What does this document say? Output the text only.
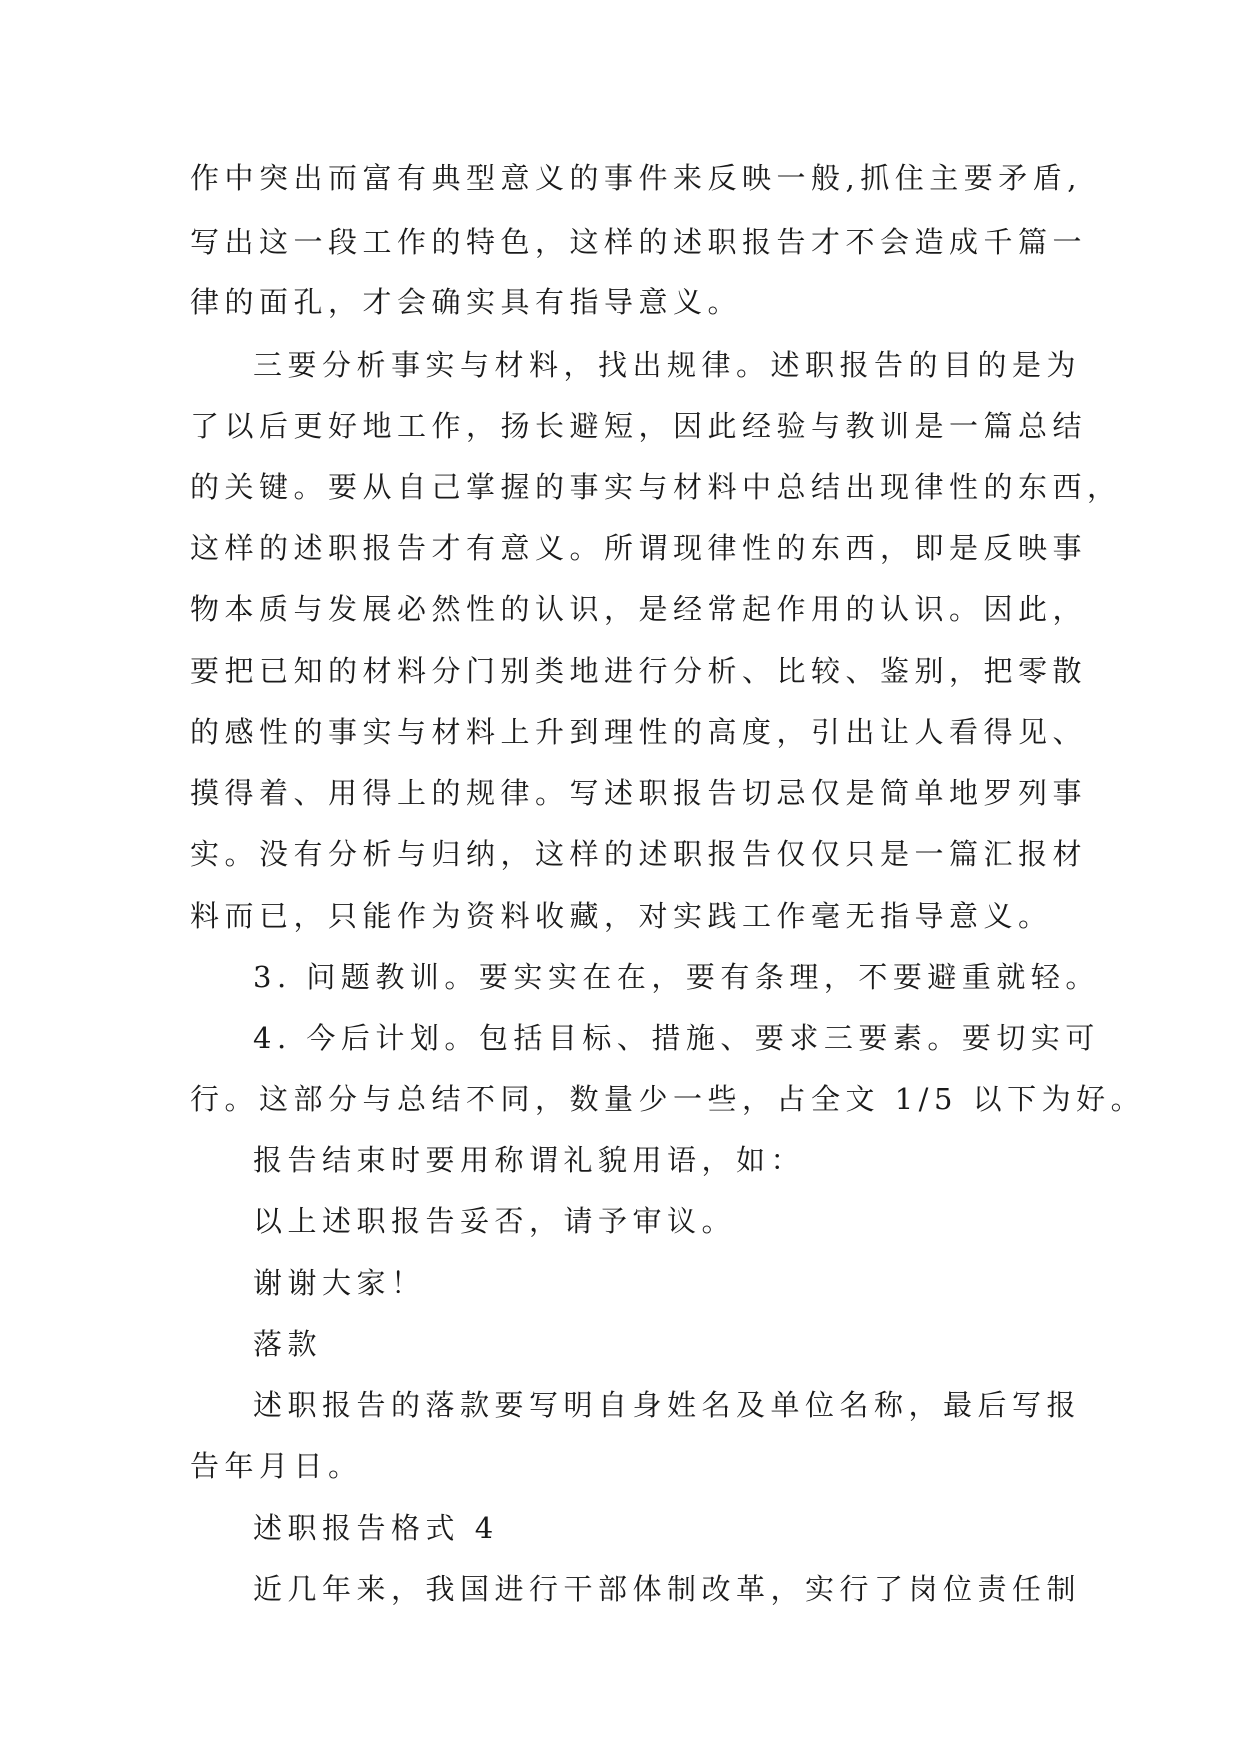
作中突出而富有典型意义的事件来反映一般,抓住主要矛盾,
写出这一段工作的特色，这样的述职报告才不会造成千篇一
律的面孔，才会确实具有指导意义。
三要分析事实与材料，找出规律。述职报告的目的是为
了以后更好地工作，扬长避短，因此经验与教训是一篇总结
的关键。要从自己掌握的事实与材料中总结出现律性的东西，
这样的述职报告才有意义。所谓现律性的东西，即是反映事
物本质与发展必然性的认识，是经常起作用的认识。因此，
要把已知的材料分门别类地进行分析、比较、鉴别，把零散
的感性的事实与材料上升到理性的高度，引出让人看得见、
摸得着、用得上的规律。写述职报告切忌仅是简单地罗列事
实。没有分析与归纳，这样的述职报告仅仅只是一篇汇报材
料而已，只能作为资料收藏，对实践工作毫无指导意义。
3. 问题教训。要实实在在，要有条理，不要避重就轻。
4. 今后计划。包括目标、措施、要求三要素。要切实可
行。这部分与总结不同，数量少一些，占全文 1/5 以下为好。
报告结束时要用称谓礼貌用语，如：
以上述职报告妥否，请予审议。
谢谢大家！
落款
述职报告的落款要写明自身姓名及单位名称，最后写报
告年月日。
述职报告格式 4
近几年来，我国进行干部体制改革，实行了岗位责任制
